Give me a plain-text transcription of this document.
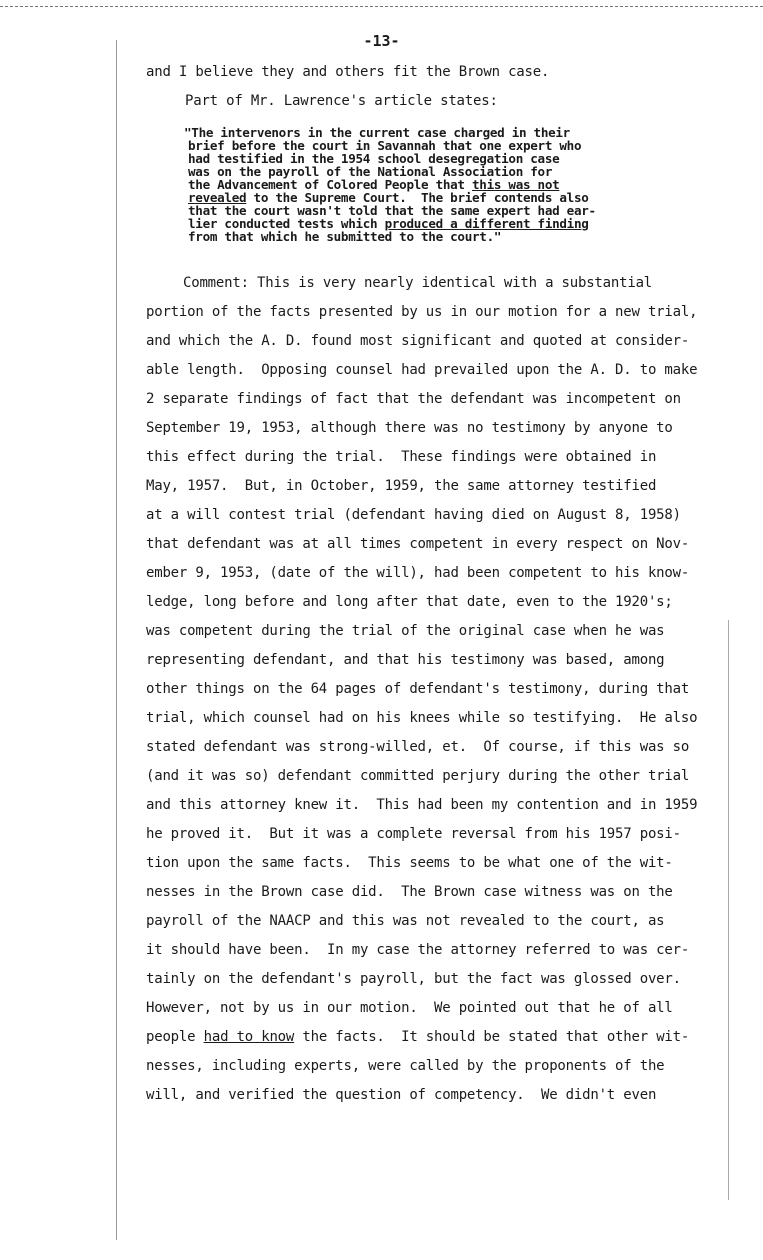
-13-
and I believe they and others fit the Brown case.
Part of Mr. Lawrence's article states:
"The intervenors in the current case charged in their
brief before the court in Savannah that one expert who
had testified in the 1954 school desegregation case
was on the payroll of the National Association for
the Advancement of Colored People that this was not
revealed to the Supreme Court.  The brief contends also
that the court wasn't told that the same expert had ear-
lier conducted tests which produced a different finding
from that which he submitted to the court."
Comment: This is very nearly identical with a substantial
portion of the facts presented by us in our motion for a new trial,
and which the A. D. found most significant and quoted at consider-
able length.  Opposing counsel had prevailed upon the A. D. to make
2 separate findings of fact that the defendant was incompetent on
September 19, 1953, although there was no testimony by anyone to
this effect during the trial.  These findings were obtained in
May, 1957.  But, in October, 1959, the same attorney testified
at a will contest trial (defendant having died on August 8, 1958)
that defendant was at all times competent in every respect on Nov-
ember 9, 1953, (date of the will), had been competent to his know-
ledge, long before and long after that date, even to the 1920's;
was competent during the trial of the original case when he was
representing defendant, and that his testimony was based, among
other things on the 64 pages of defendant's testimony, during that
trial, which counsel had on his knees while so testifying.  He also
stated defendant was strong-willed, et.  Of course, if this was so
(and it was so) defendant committed perjury during the other trial
and this attorney knew it.  This had been my contention and in 1959
he proved it.  But it was a complete reversal from his 1957 posi-
tion upon the same facts.  This seems to be what one of the wit-
nesses in the Brown case did.  The Brown case witness was on the
payroll of the NAACP and this was not revealed to the court, as
it should have been.  In my case the attorney referred to was cer-
tainly on the defendant's payroll, but the fact was glossed over.
However, not by us in our motion.  We pointed out that he of all
people had to know the facts.  It should be stated that other wit-
nesses, including experts, were called by the proponents of the
will, and verified the question of competency.  We didn't even
